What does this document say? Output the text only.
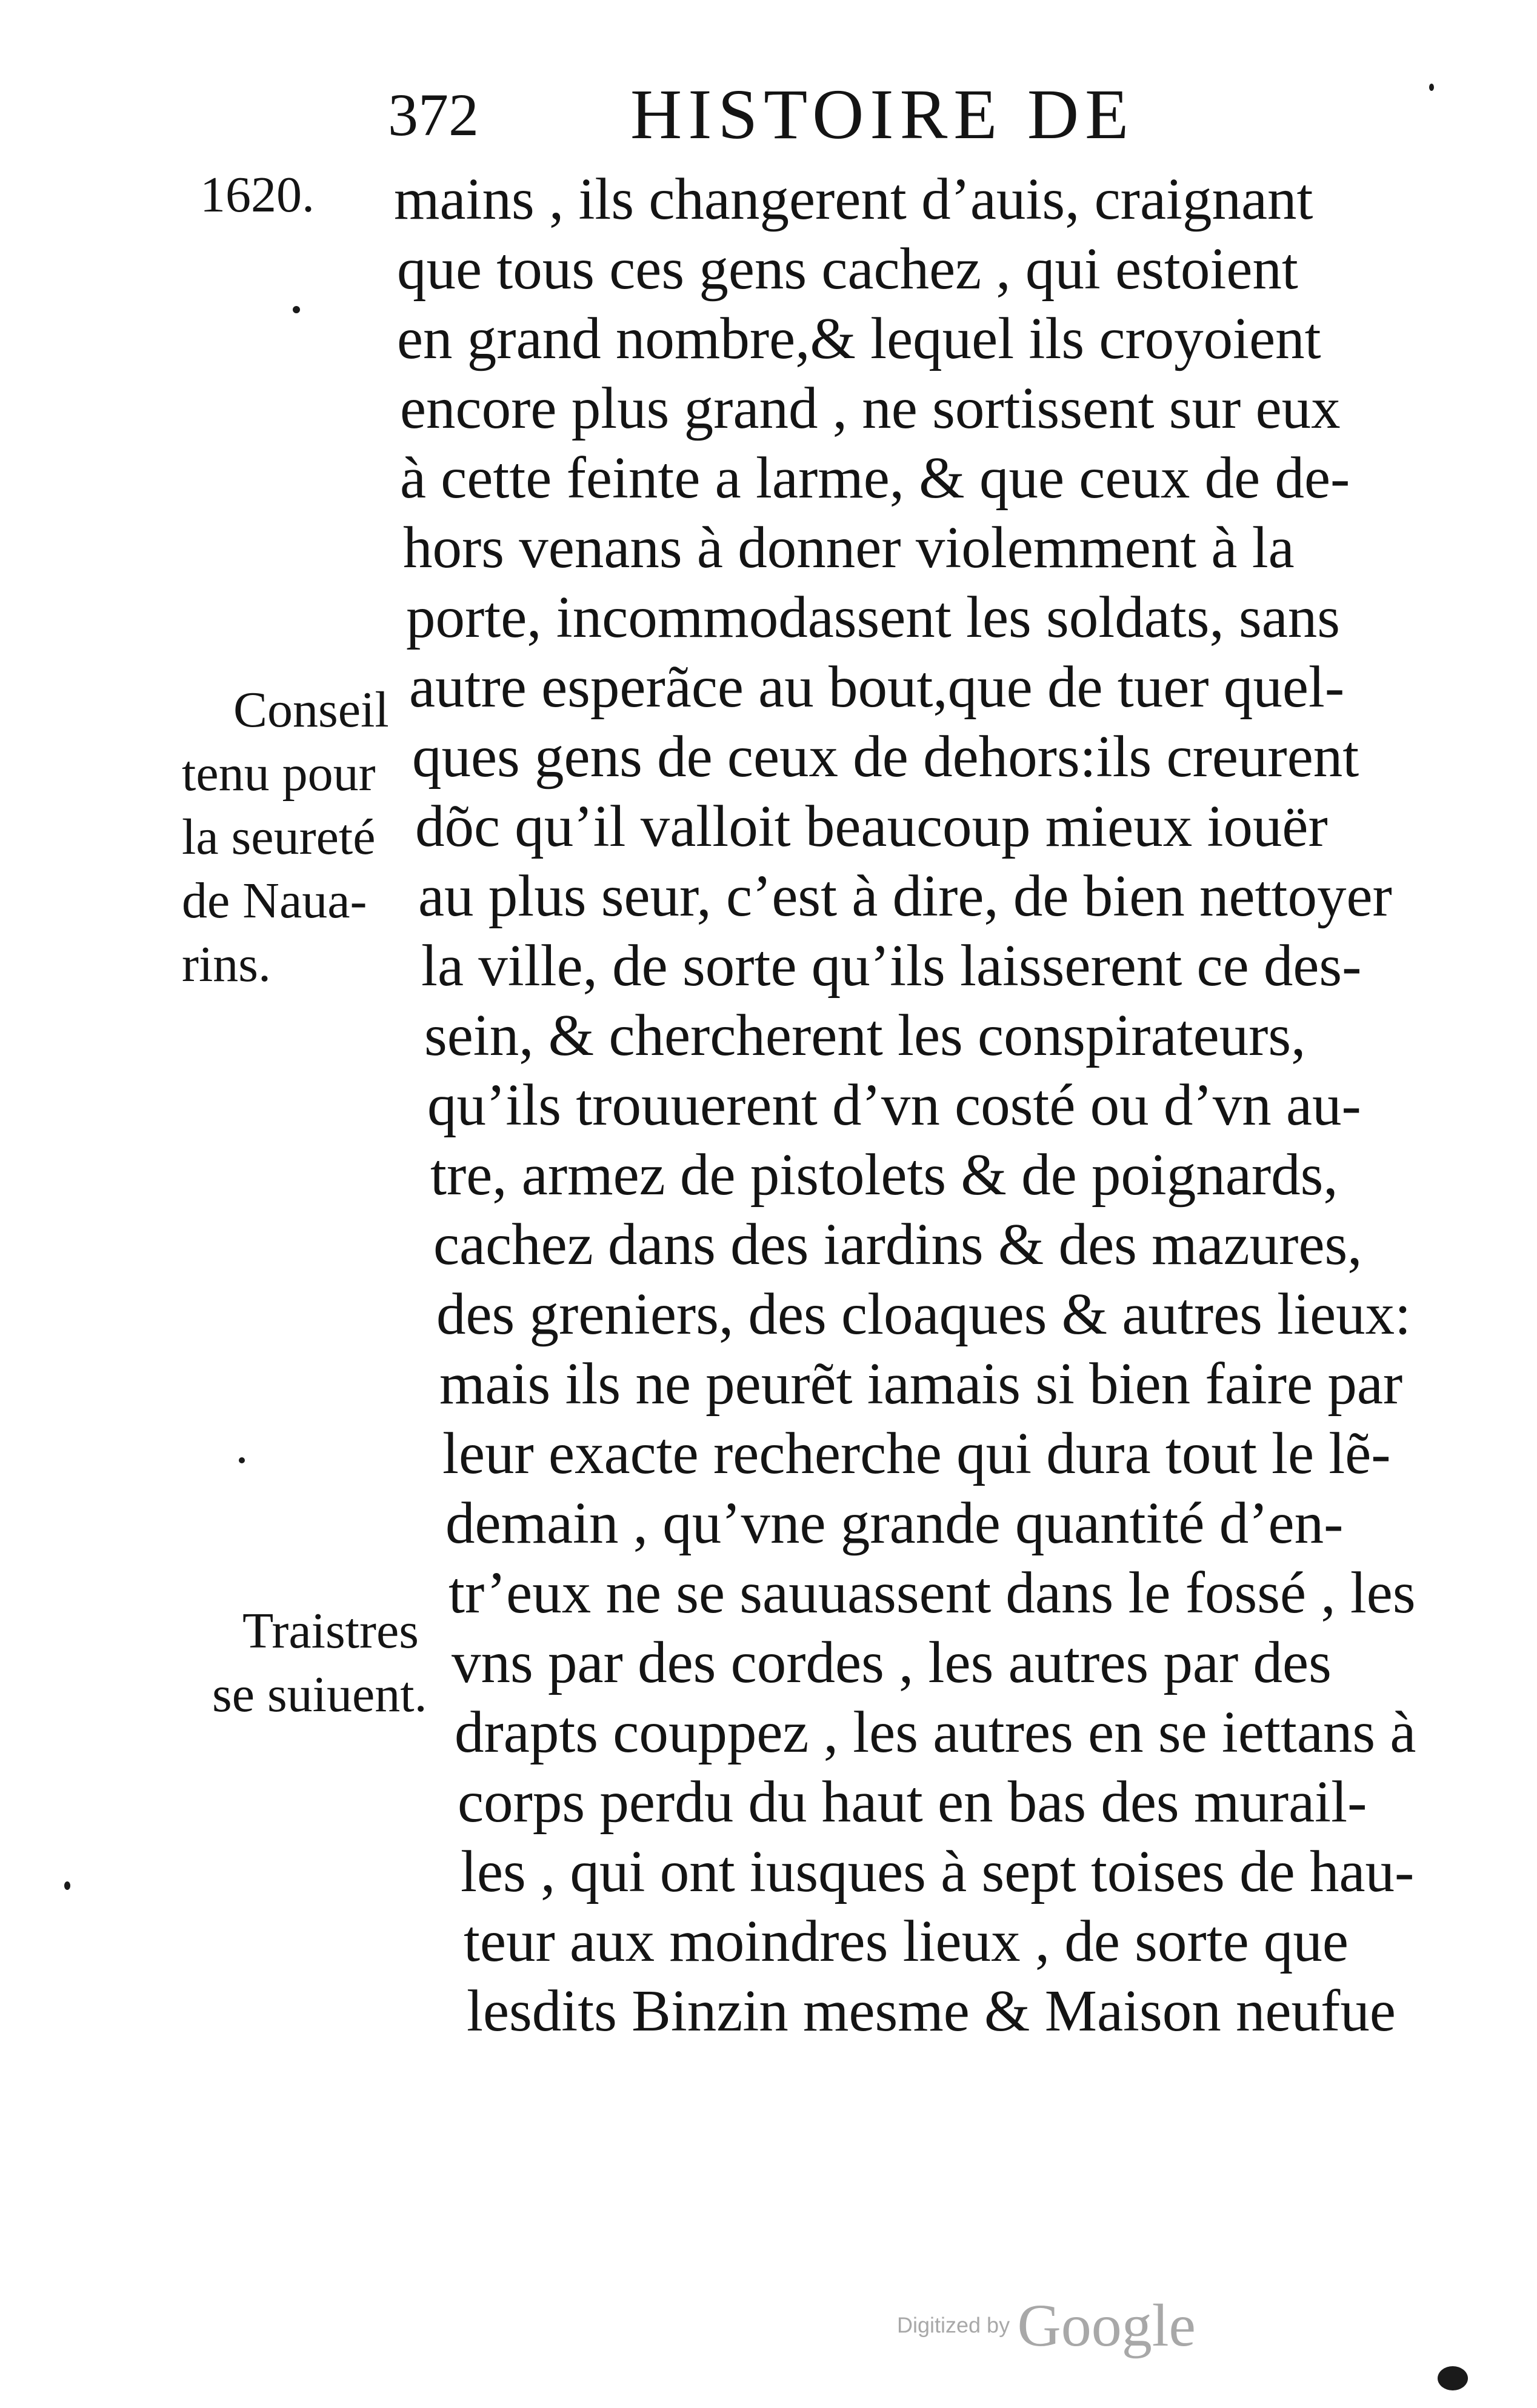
372 HISTOIRE DE
1620. mains , ils changerent d’auis, craignant
que tous ces gens cachez , qui estoient
en grand nombre,& lequel ils croyoient
encore plus grand , ne sortissent sur eux
à cette feinte a larme, & que ceux de de-
hors venans à donner violemment à la
porte, incommodassent les soldats, sans
autre esperãce au bout,que de tuer quel-
ques gens de ceux de dehors:ils creurent
dõc qu’il valloit beaucoup mieux iouër
au plus seur, c’est à dire, de bien nettoyer
la ville, de sorte qu’ils laisserent ce des-
sein, & chercherent les conspirateurs,
qu’ils trouuerent d’vn costé ou d’vn au-
tre, armez de pistolets & de poignards,
cachez dans des iardins & des mazures,
des greniers, des cloaques & autres lieux:
mais ils ne peurẽt iamais si bien faire par
leur exacte recherche qui dura tout le lẽ-
demain , qu’vne grande quantité d’en-
tr’eux ne se sauuassent dans le fossé , les
vns par des cordes , les autres par des
drapts couppez , les autres en se iettans à
corps perdu du haut en bas des murail-
les , qui ont iusques à sept toises de hau-
teur aux moindres lieux , de sorte que
lesdits Binzin mesme & Maison neufue
Conseil
tenu pour
la seureté
de Naua-
rins.
Traistres
se suiuent.
Digitized by Google
